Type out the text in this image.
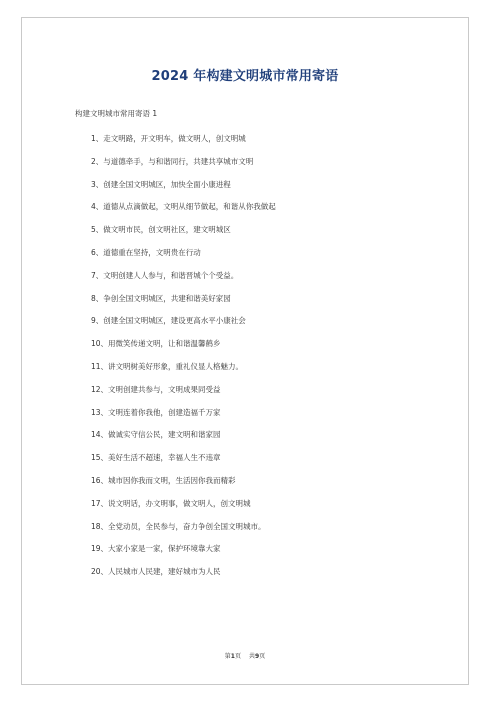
2024 年构建文明城市常用寄语
构建文明城市常用寄语 1
1、走文明路，开文明车，做文明人，创文明城
2、与道德牵手，与和谐同行，共建共享城市文明
3、创建全国文明城区，加快全面小康进程
4、道德从点滴做起，文明从细节做起，和谐从你我做起
5、做文明市民，创文明社区，建文明城区
6、道德重在坚持，文明贵在行动
7、文明创建人人参与，和谐晋城个个受益。
8、争创全国文明城区，共建和谐美好家园
9、创建全国文明城区，建设更高水平小康社会
10、用微笑传递文明，让和谐温馨鹤乡
11、讲文明树美好形象，重礼仪显人格魅力。
12、文明创建共参与，文明成果同受益
13、文明连着你我他，创建造福千万家
14、做诚实守信公民，建文明和谐家园
15、美好生活不超速，幸福人生不违章
16、城市因你我而文明，生活因你我而精彩
17、说文明话，办文明事，做文明人，创文明城
18、全党动员，全民参与，奋力争创全国文明城市。
19、大家小家是一家，保护环境靠大家
20、人民城市人民建，建好城市为人民
第1页 共9页
